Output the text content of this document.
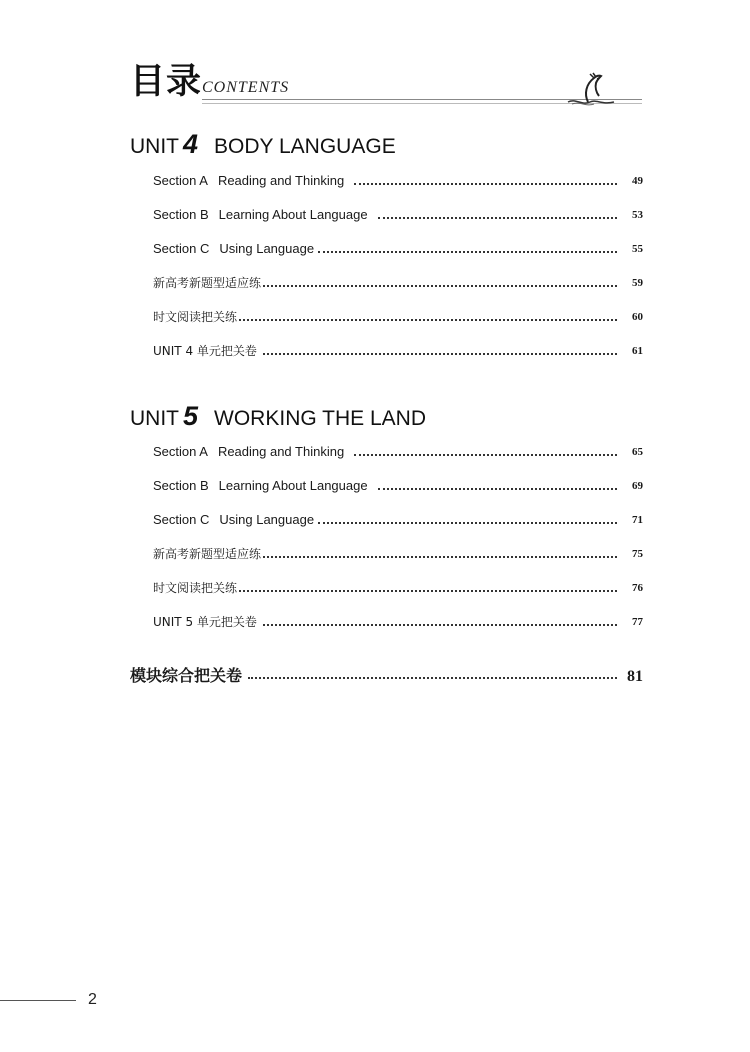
目录 CONTENTS
UNIT 4 BODY LANGUAGE
Section A Reading and Thinking	49
Section B Learning About Language	53
Section C Using Language	55
新高考新题型适应练	59
时文阅读把关练	60
UNIT 4 单元把关卷	61
UNIT 5 WORKING THE LAND
Section A Reading and Thinking	65
Section B Learning About Language	69
Section C Using Language	71
新高考新题型适应练	75
时文阅读把关练	76
UNIT 5 单元把关卷	77
模块综合把关卷	81
2
